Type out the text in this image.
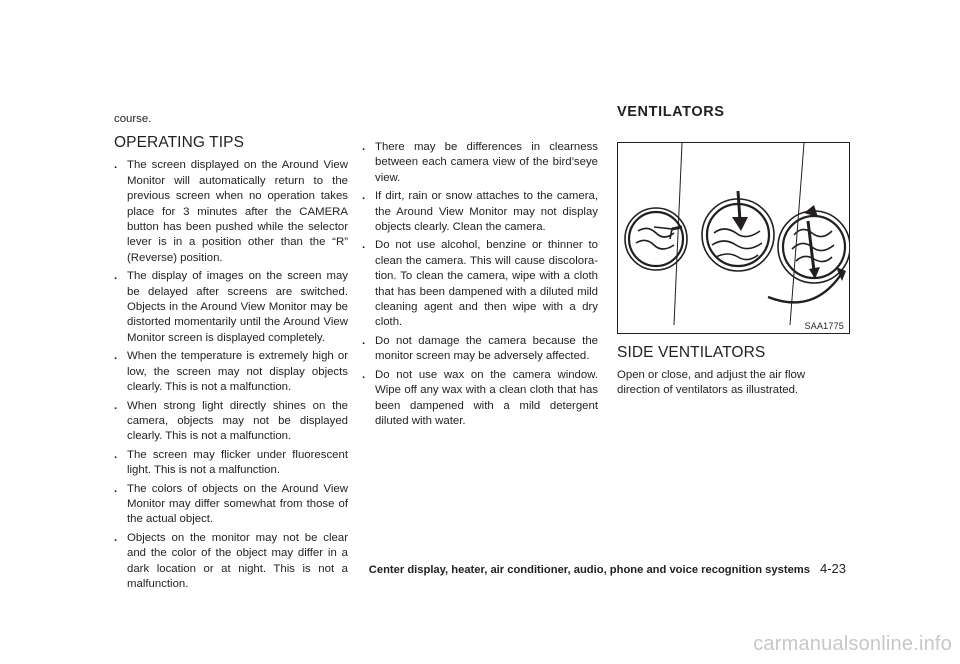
course.

OPERATING TIPS
. The screen displayed on the Around View Monitor will automatically return to the previous screen when no operation takes place for 3 minutes after the CAMERA button has been pushed while the selector lever is in a position other than the “R” (Reverse) position.
. The display of images on the screen may be delayed after screens are switched. Objects in the Around View Monitor may be distorted momentarily until the Around View Monitor screen is displayed completely.
. When the temperature is extremely high or low, the screen may not display objects clearly. This is not a malfunction.
. When strong light directly shines on the camera, objects may not be displayed clearly. This is not a malfunction.
. The screen may flicker under fluorescent light. This is not a malfunction.
. The colors of objects on the Around View Monitor may differ somewhat from those of the actual object.
. Objects on the monitor may not be clear and the color of the object may differ in a dark location or at night. This is not a malfunction.
. There may be differences in clearness between each camera view of the bird’seye view.
. If dirt, rain or snow attaches to the camera, the Around View Monitor may not display objects clearly. Clean the camera.
. Do not use alcohol, benzine or thinner to clean the camera. This will cause discolora- tion. To clean the camera, wipe with a cloth that has been dampened with a diluted mild cleaning agent and then wipe with a dry cloth.
. Do not damage the camera because the monitor screen may be adversely affected.
. Do not use wax on the camera window. Wipe off any wax with a clean cloth that has been dampened with a mild detergent diluted with water.
VENTILATORS
SAA1775
SIDE VENTILATORS

Open or close, and adjust the air flow direction of ventilators as illustrated.

Center display, heater, air conditioner, audio, phone and voice recognition systems 4-23
carmanualsonline.info
